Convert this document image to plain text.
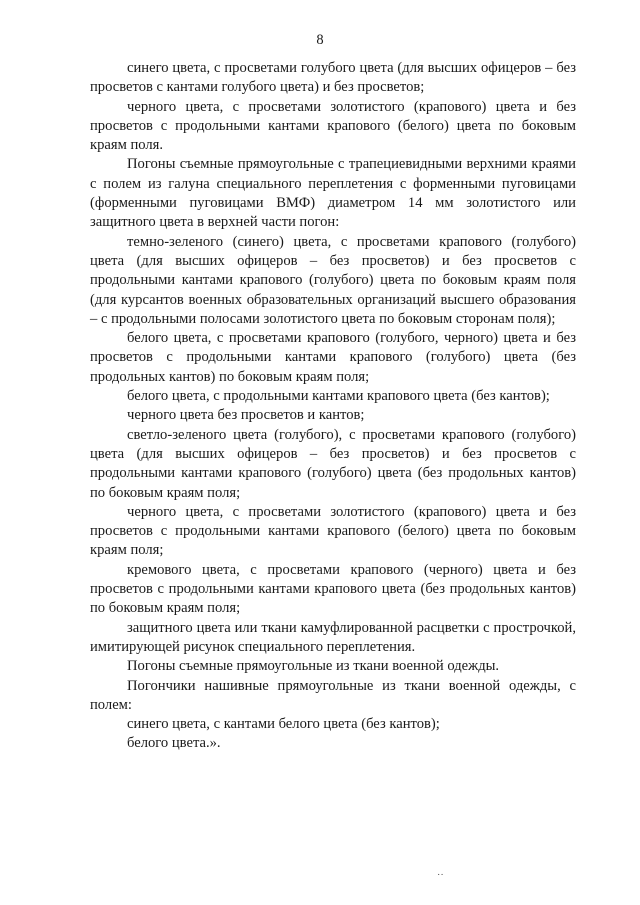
8

синего цвета, с просветами голубого цвета (для высших офицеров – без просветов с кантами голубого цвета) и без просветов;

черного цвета, с просветами золотистого (крапового) цвета и без просветов с продольными кантами крапового (белого) цвета по боковым краям поля.

Погоны съемные прямоугольные с трапециевидными верхними краями с полем из галуна специального переплетения с форменными пуговицами (форменными пуговицами ВМФ) диаметром 14 мм золотистого или защитного цвета в верхней части погон:

темно-зеленого (синего) цвета, с просветами крапового (голубого) цвета (для высших офицеров – без просветов) и без просветов с продольными кантами крапового (голубого) цвета по боковым краям поля (для курсантов военных образовательных организаций высшего образования – с продольными полосами золотистого цвета по боковым сторонам поля);

белого цвета, с просветами крапового (голубого, черного) цвета и без просветов с продольными кантами крапового (голубого) цвета (без продольных кантов) по боковым краям поля;

белого цвета, с продольными кантами крапового цвета (без кантов);

черного цвета без просветов и кантов;

светло-зеленого цвета (голубого), с просветами крапового (голубого) цвета (для высших офицеров – без просветов) и без просветов с продольными кантами крапового (голубого) цвета (без продольных кантов) по боковым краям поля;

черного цвета, с просветами золотистого (крапового) цвета и без просветов с продольными кантами крапового (белого) цвета по боковым краям поля;

кремового цвета, с просветами крапового (черного) цвета и без просветов с продольными кантами крапового цвета (без продольных кантов) по боковым краям поля;

защитного цвета или ткани камуфлированной расцветки с прострочкой, имитирующей рисунок специального переплетения.

Погоны съемные прямоугольные из ткани военной одежды.

Погончики нашивные прямоугольные из ткани военной одежды, с полем:

синего цвета, с кантами белого цвета (без кантов);

белого цвета.».

˙˙
